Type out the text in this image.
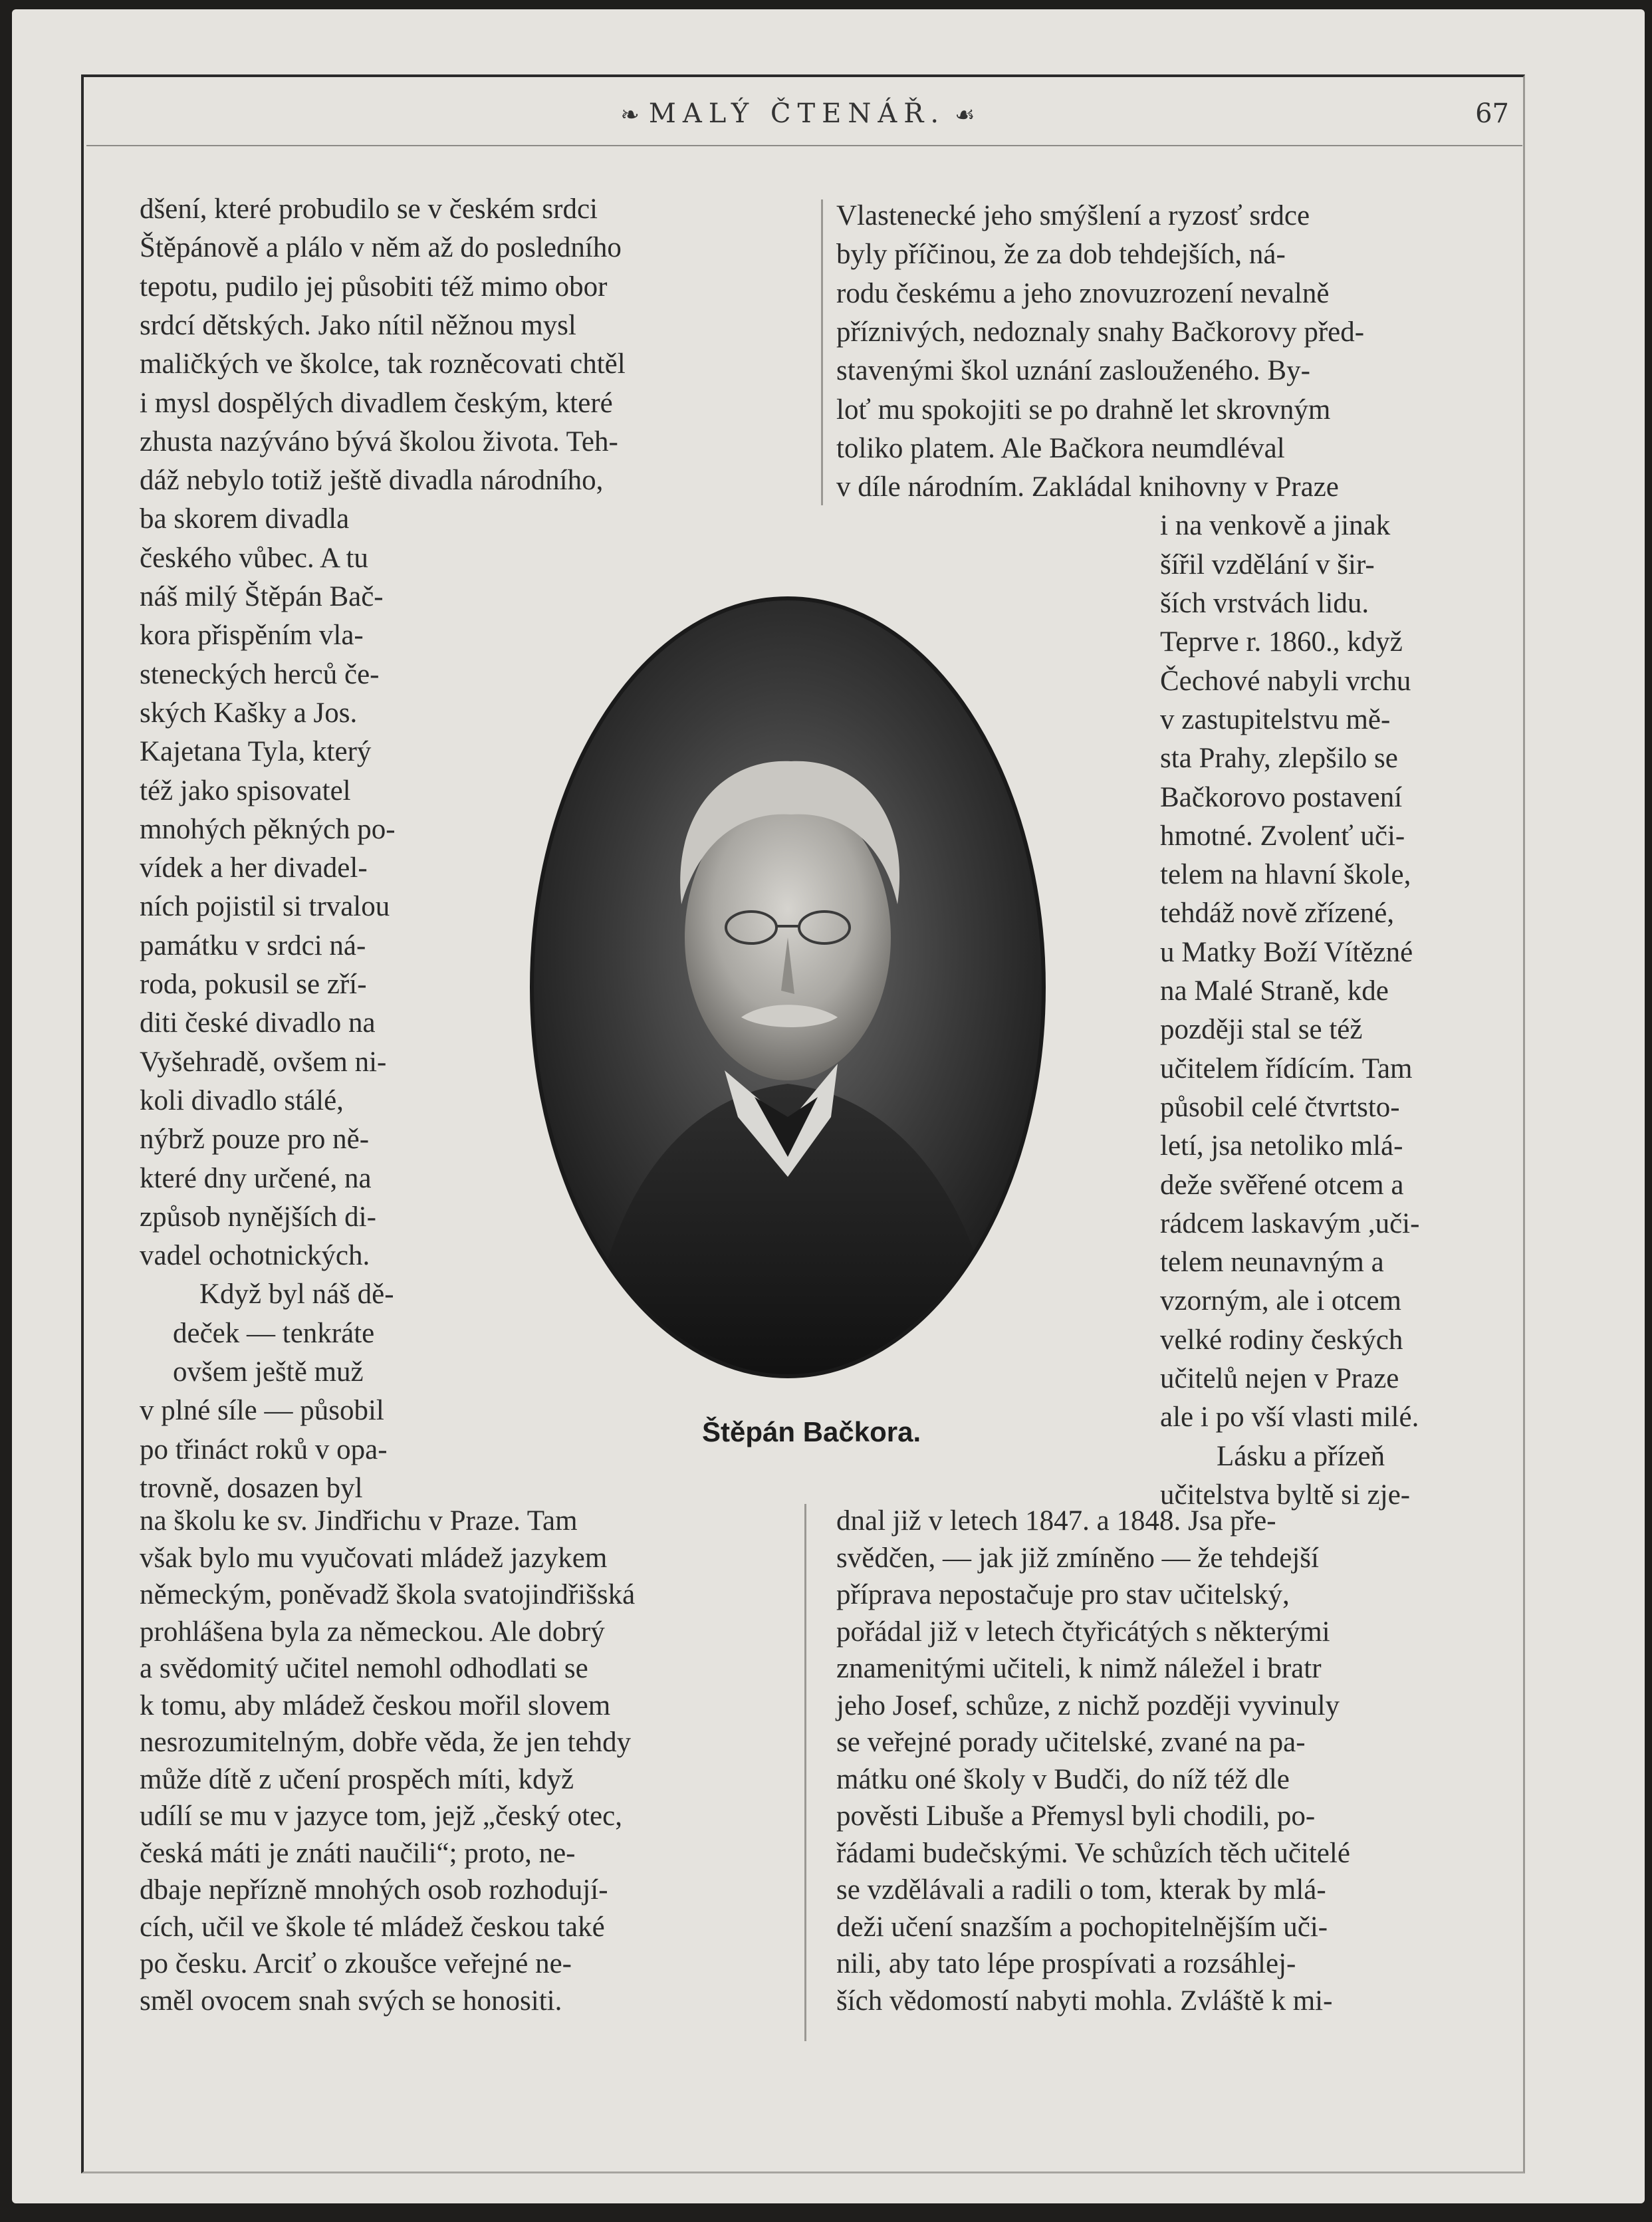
❧ MALÝ ČTENÁŘ. ☙	67
dšení, které probudilo se v českém srdci
Štěpánově a plálo v něm až do posledního
tepotu, pudilo jej působiti též mimo obor
srdcí dětských. Jako nítil něžnou mysl
maličkých ve školce, tak rozněcovati chtěl
i mysl dospělých divadlem českým, které
zhusta nazýváno bývá školou života. Teh-
dáž nebylo totiž ještě divadla národního,
ba skorem divadla
českého vůbec. A tu
náš milý Štěpán Bač-
kora přispěním vla-
steneckých herců če-
ských Kašky a Jos.
Kajetana Tyla, který
též jako spisovatel
mnohých pěkných po-
vídek a her divadel-
ních pojistil si trvalou
památku v srdci ná-
roda, pokusil se zří-
diti české divadlo na
Vyšehradě, ovšem ni-
koli divadlo stálé,
nýbrž pouze pro ně-
které dny určené, na
způsob nynějších di-
vadel ochotnických.
Když byl náš dě-
deček — tenkráte
ovšem ještě muž
v plné síle — působil
po třináct roků v opa-
trovně, dosazen byl
na školu ke sv. Jindřichu v Praze. Tam
však bylo mu vyučovati mládež jazykem
německým, poněvadž škola svatojindřišská
prohlášena byla za německou. Ale dobrý
a svědomitý učitel nemohl odhodlati se
k tomu, aby mládež českou mořil slovem
nesrozumitelným, dobře věda, že jen tehdy
může dítě z učení prospěch míti, když
udílí se mu v jazyce tom, jejž „český otec,
česká máti je znáti naučili“; proto, ne-
dbaje nepřízně mnohých osob rozhodují-
cích, učil ve škole té mládež českou také
po česku. Arciť o zkoušce veřejné ne-
směl ovocem snah svých se honositi.
Vlastenecké jeho smýšlení a ryzosť srdce
byly příčinou, že za dob tehdejších, ná-
rodu českému a jeho znovuzrození nevalně
příznivých, nedoznaly snahy Bačkorovy před-
stavenými škol uznání zaslouženého. By-
loť mu spokojiti se po drahně let skrovným
toliko platem. Ale Bačkora neumdléval
v díle národním. Zakládal knihovny v Praze
i na venkově a jinak
šířil vzdělání v šir-
ších vrstvách lidu.
Teprve r. 1860., když
Čechové nabyli vrchu
v zastupitelstvu mě-
sta Prahy, zlepšilo se
Bačkorovo postavení
hmotné. Zvolenť uči-
telem na hlavní škole,
tehdáž nově zřízené,
u Matky Boží Vítězné
na Malé Straně, kde
později stal se též
učitelem řídícím. Tam
působil celé čtvrtsto-
letí, jsa netoliko mlá-
deže svěřené otcem a
rádcem laskavým ,uči-
telem neunavným a
vzorným, ale i otcem
velké rodiny českých
učitelů nejen v Praze
ale i po vší vlasti milé.
Lásku a přízeň
učitelstva byltě si zje-
dnal již v letech 1847. a 1848. Jsa pře-
svědčen, — jak již zmíněno — že tehdejší
příprava nepostačuje pro stav učitelský,
pořádal již v letech čtyřicátých s některými
znamenitými učiteli, k nimž náležel i bratr
jeho Josef, schůze, z nichž později vyvinuly
se veřejné porady učitelské, zvané na pa-
mátku oné školy v Budči, do níž též dle
pověsti Libuše a Přemysl byli chodili, po-
řádami budečskými. Ve schůzích těch učitelé
se vzdělávali a radili o tom, kterak by mlá-
deži učení snazším a pochopitelnějším uči-
nili, aby tato lépe prospívati a rozsáhlej-
ších vědomostí nabyti mohla. Zvláště k mi-
Štěpán Bačkora.
